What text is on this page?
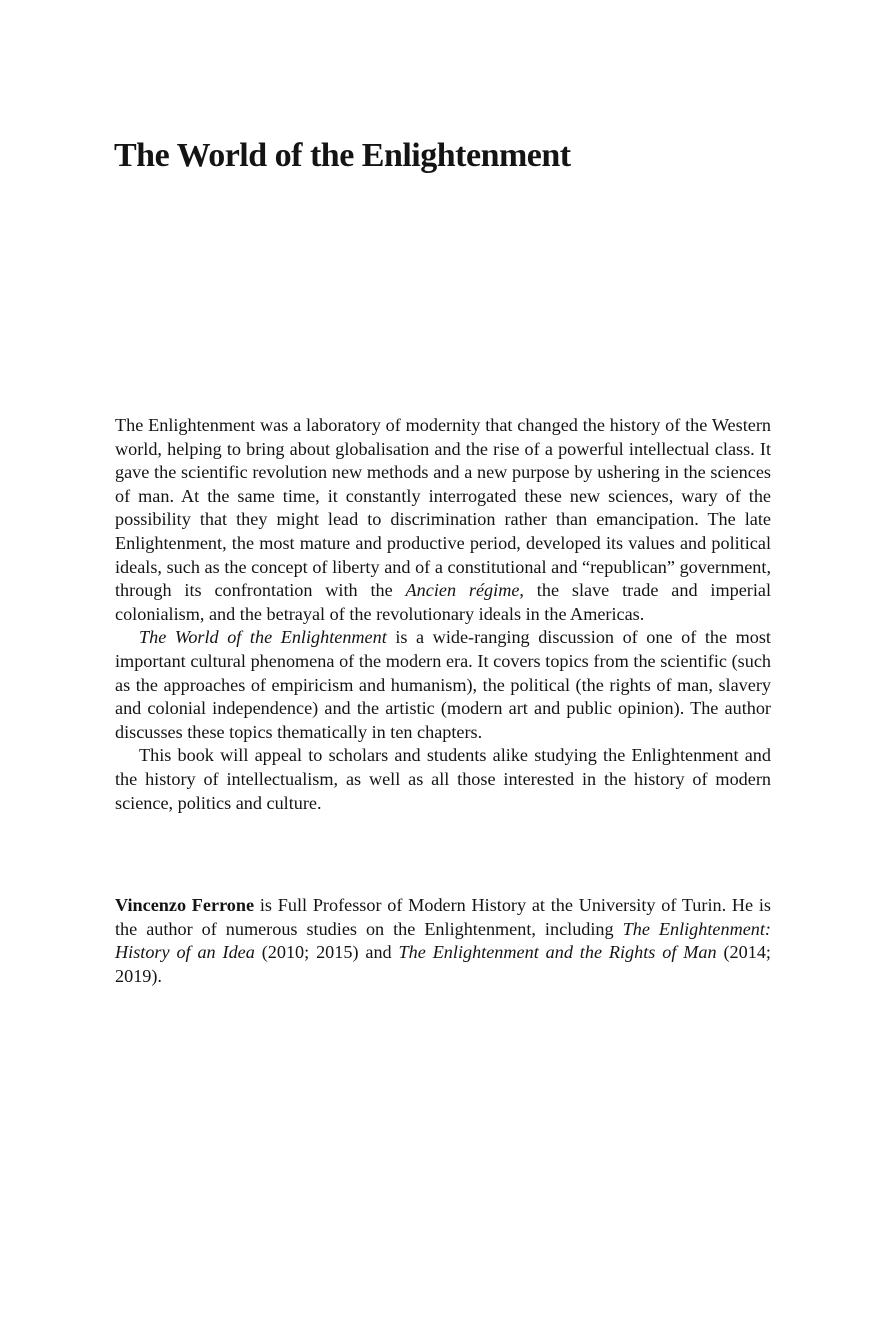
The World of the Enlightenment

The Enlightenment was a laboratory of modernity that changed the history of the Western world, helping to bring about globalisation and the rise of a powerful intellectual class. It gave the scientific revolution new methods and a new purpose by ushering in the sciences of man. At the same time, it constantly interrogated these new sciences, wary of the possibility that they might lead to discrimination rather than emancipation. The late Enlightenment, the most mature and productive period, developed its values and political ideals, such as the concept of liberty and of a constitutional and “republican” government, through its confrontation with the Ancien régime, the slave trade and imperial colonialism, and the betrayal of the revolutionary ideals in the Americas.

The World of the Enlightenment is a wide-ranging discussion of one of the most important cultural phenomena of the modern era. It covers topics from the scientific (such as the approaches of empiricism and humanism), the political (the rights of man, slavery and colonial independence) and the artistic (modern art and public opinion). The author discusses these topics thematically in ten chapters.

This book will appeal to scholars and students alike studying the Enlightenment and the history of intellectualism, as well as all those interested in the history of modern science, politics and culture.

Vincenzo Ferrone is Full Professor of Modern History at the University of Turin. He is the author of numerous studies on the Enlightenment, including The Enlightenment: History of an Idea (2010; 2015) and The Enlightenment and the Rights of Man (2014; 2019).
